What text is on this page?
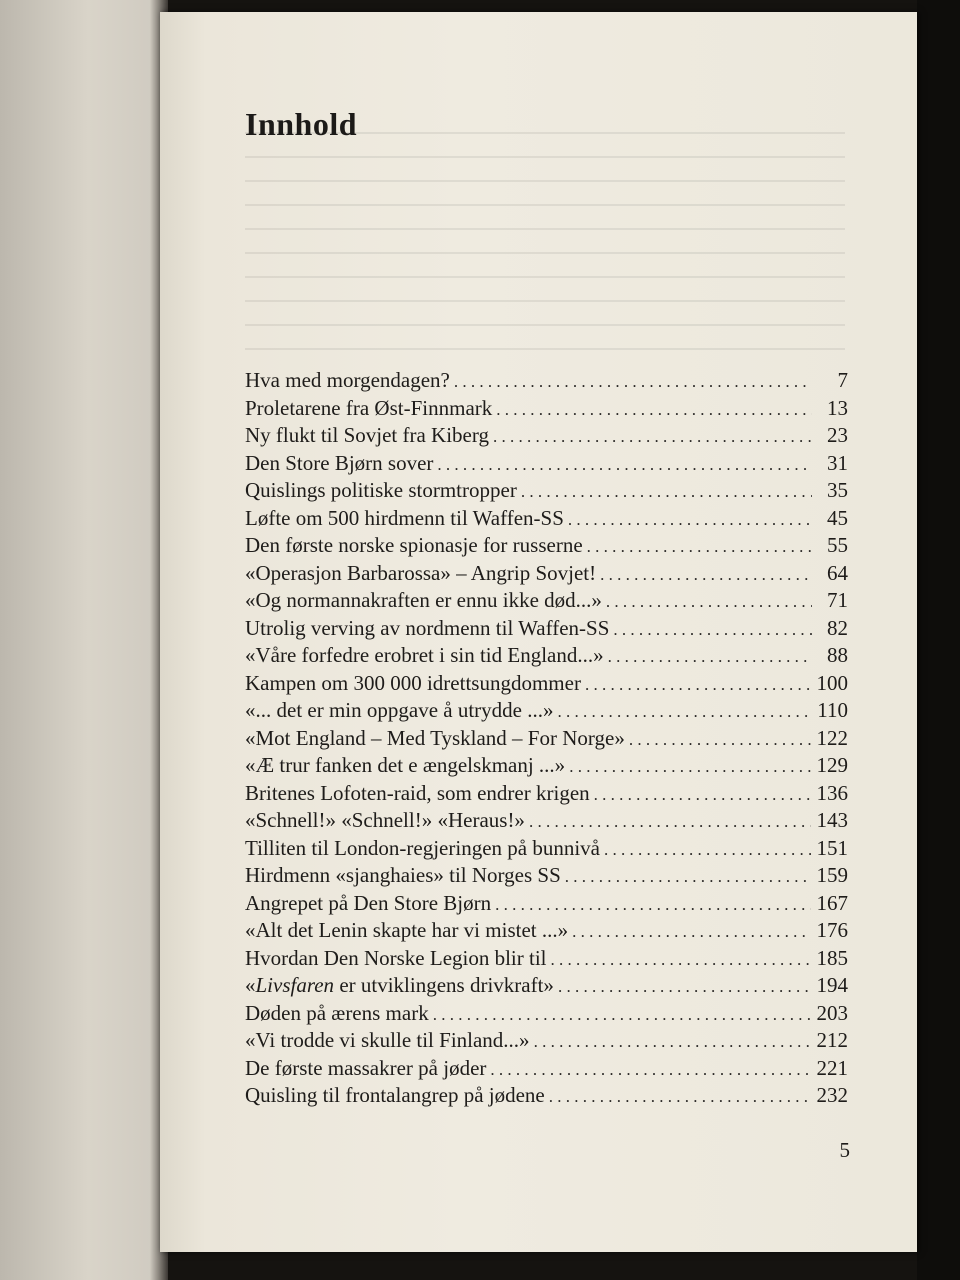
Innhold
Hva med morgendagen? . . .	7
Proletarene fra Øst-Finnmark . . .	13
Ny flukt til Sovjet fra Kiberg . . .	23
Den Store Bjørn sover . . .	31
Quislings politiske stormtropper . . .	35
Løfte om 500 hirdmenn til Waffen-SS . . .	45
Den første norske spionasje for russerne . . .	55
«Operasjon Barbarossa» – Angrip Sovjet! . . .	64
«Og normannakraften er ennu ikke død...» . . .	71
Utrolig verving av nordmenn til Waffen-SS . . .	82
«Våre forfedre erobret i sin tid England...» . . .	88
Kampen om 300 000 idrettsungdommer . . .	100
«... det er min oppgave å utrydde ...» . . .	110
«Mot England – Med Tyskland – For Norge» . . .	122
«Æ trur fanken det e ængelskmanj ...» . . .	129
Britenes Lofoten-raid, som endrer krigen . . .	136
«Schnell!» «Schnell!» «Heraus!» . . .	143
Tilliten til London-regjeringen på bunnivå . . .	151
Hirdmenn «sjanghaies» til Norges SS . . .	159
Angrepet på Den Store Bjørn . . .	167
«Alt det Lenin skapte har vi mistet ...» . . .	176
Hvordan Den Norske Legion blir til . . .	185
«Livsfaren er utviklingens drivkraft» . . .	194
Døden på ærens mark . . .	203
«Vi trodde vi skulle til Finland...» . . .	212
De første massakrer på jøder . . .	221
Quisling til frontalangrep på jødene . . .	232
5
